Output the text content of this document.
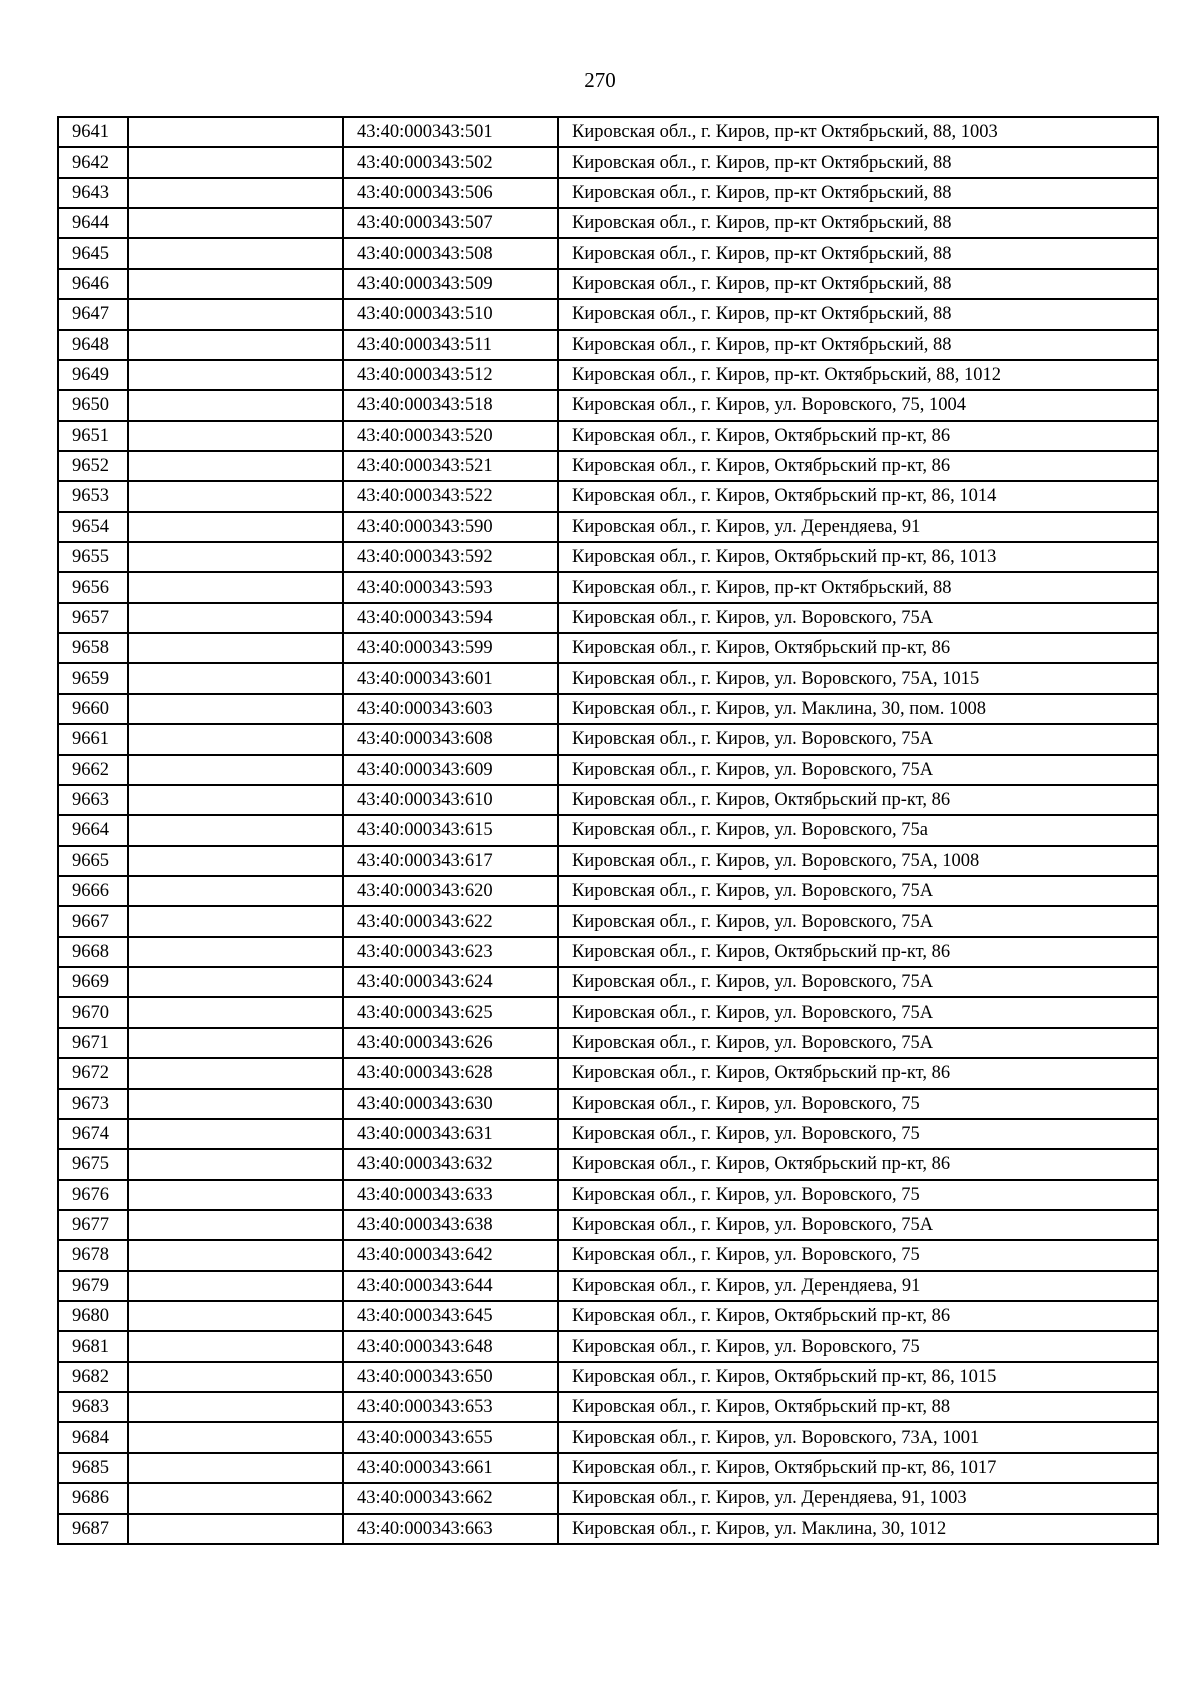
270
9641		43:40:000343:501	Кировская обл., г. Киров, пр-кт Октябрьский, 88, 1003
9642		43:40:000343:502	Кировская обл., г. Киров, пр-кт Октябрьский, 88
9643		43:40:000343:506	Кировская обл., г. Киров, пр-кт Октябрьский, 88
9644		43:40:000343:507	Кировская обл., г. Киров, пр-кт Октябрьский, 88
9645		43:40:000343:508	Кировская обл., г. Киров, пр-кт Октябрьский, 88
9646		43:40:000343:509	Кировская обл., г. Киров, пр-кт Октябрьский, 88
9647		43:40:000343:510	Кировская обл., г. Киров, пр-кт Октябрьский, 88
9648		43:40:000343:511	Кировская обл., г. Киров, пр-кт Октябрьский, 88
9649		43:40:000343:512	Кировская обл., г. Киров, пр-кт. Октябрьский, 88, 1012
9650		43:40:000343:518	Кировская обл., г. Киров, ул. Воровского, 75, 1004
9651		43:40:000343:520	Кировская обл., г. Киров, Октябрьский пр-кт, 86
9652		43:40:000343:521	Кировская обл., г. Киров, Октябрьский пр-кт, 86
9653		43:40:000343:522	Кировская обл., г. Киров, Октябрьский пр-кт, 86, 1014
9654		43:40:000343:590	Кировская обл., г. Киров, ул. Дерендяева, 91
9655		43:40:000343:592	Кировская обл., г. Киров, Октябрьский пр-кт, 86, 1013
9656		43:40:000343:593	Кировская обл., г. Киров, пр-кт Октябрьский, 88
9657		43:40:000343:594	Кировская обл., г. Киров, ул. Воровского, 75А
9658		43:40:000343:599	Кировская обл., г. Киров, Октябрьский пр-кт, 86
9659		43:40:000343:601	Кировская обл., г. Киров, ул. Воровского, 75А, 1015
9660		43:40:000343:603	Кировская обл., г. Киров, ул. Маклина, 30, пом. 1008
9661		43:40:000343:608	Кировская обл., г. Киров, ул. Воровского, 75А
9662		43:40:000343:609	Кировская обл., г. Киров, ул. Воровского, 75А
9663		43:40:000343:610	Кировская обл., г. Киров, Октябрьский пр-кт, 86
9664		43:40:000343:615	Кировская обл., г. Киров, ул. Воровского, 75а
9665		43:40:000343:617	Кировская обл., г. Киров, ул. Воровского, 75А, 1008
9666		43:40:000343:620	Кировская обл., г. Киров, ул. Воровского, 75А
9667		43:40:000343:622	Кировская обл., г. Киров, ул. Воровского, 75А
9668		43:40:000343:623	Кировская обл., г. Киров, Октябрьский пр-кт, 86
9669		43:40:000343:624	Кировская обл., г. Киров, ул. Воровского, 75А
9670		43:40:000343:625	Кировская обл., г. Киров, ул. Воровского, 75А
9671		43:40:000343:626	Кировская обл., г. Киров, ул. Воровского, 75А
9672		43:40:000343:628	Кировская обл., г. Киров, Октябрьский пр-кт, 86
9673		43:40:000343:630	Кировская обл., г. Киров, ул. Воровского, 75
9674		43:40:000343:631	Кировская обл., г. Киров, ул. Воровского, 75
9675		43:40:000343:632	Кировская обл., г. Киров, Октябрьский пр-кт, 86
9676		43:40:000343:633	Кировская обл., г. Киров, ул. Воровского, 75
9677		43:40:000343:638	Кировская обл., г. Киров, ул. Воровского, 75А
9678		43:40:000343:642	Кировская обл., г. Киров, ул. Воровского, 75
9679		43:40:000343:644	Кировская обл., г. Киров, ул. Дерендяева, 91
9680		43:40:000343:645	Кировская обл., г. Киров, Октябрьский пр-кт, 86
9681		43:40:000343:648	Кировская обл., г. Киров, ул. Воровского, 75
9682		43:40:000343:650	Кировская обл., г. Киров, Октябрьский пр-кт, 86, 1015
9683		43:40:000343:653	Кировская обл., г. Киров, Октябрьский пр-кт, 88
9684		43:40:000343:655	Кировская обл., г. Киров, ул. Воровского, 73А, 1001
9685		43:40:000343:661	Кировская обл., г. Киров, Октябрьский пр-кт, 86, 1017
9686		43:40:000343:662	Кировская обл., г. Киров, ул. Дерендяева, 91, 1003
9687		43:40:000343:663	Кировская обл., г. Киров, ул. Маклина, 30, 1012
